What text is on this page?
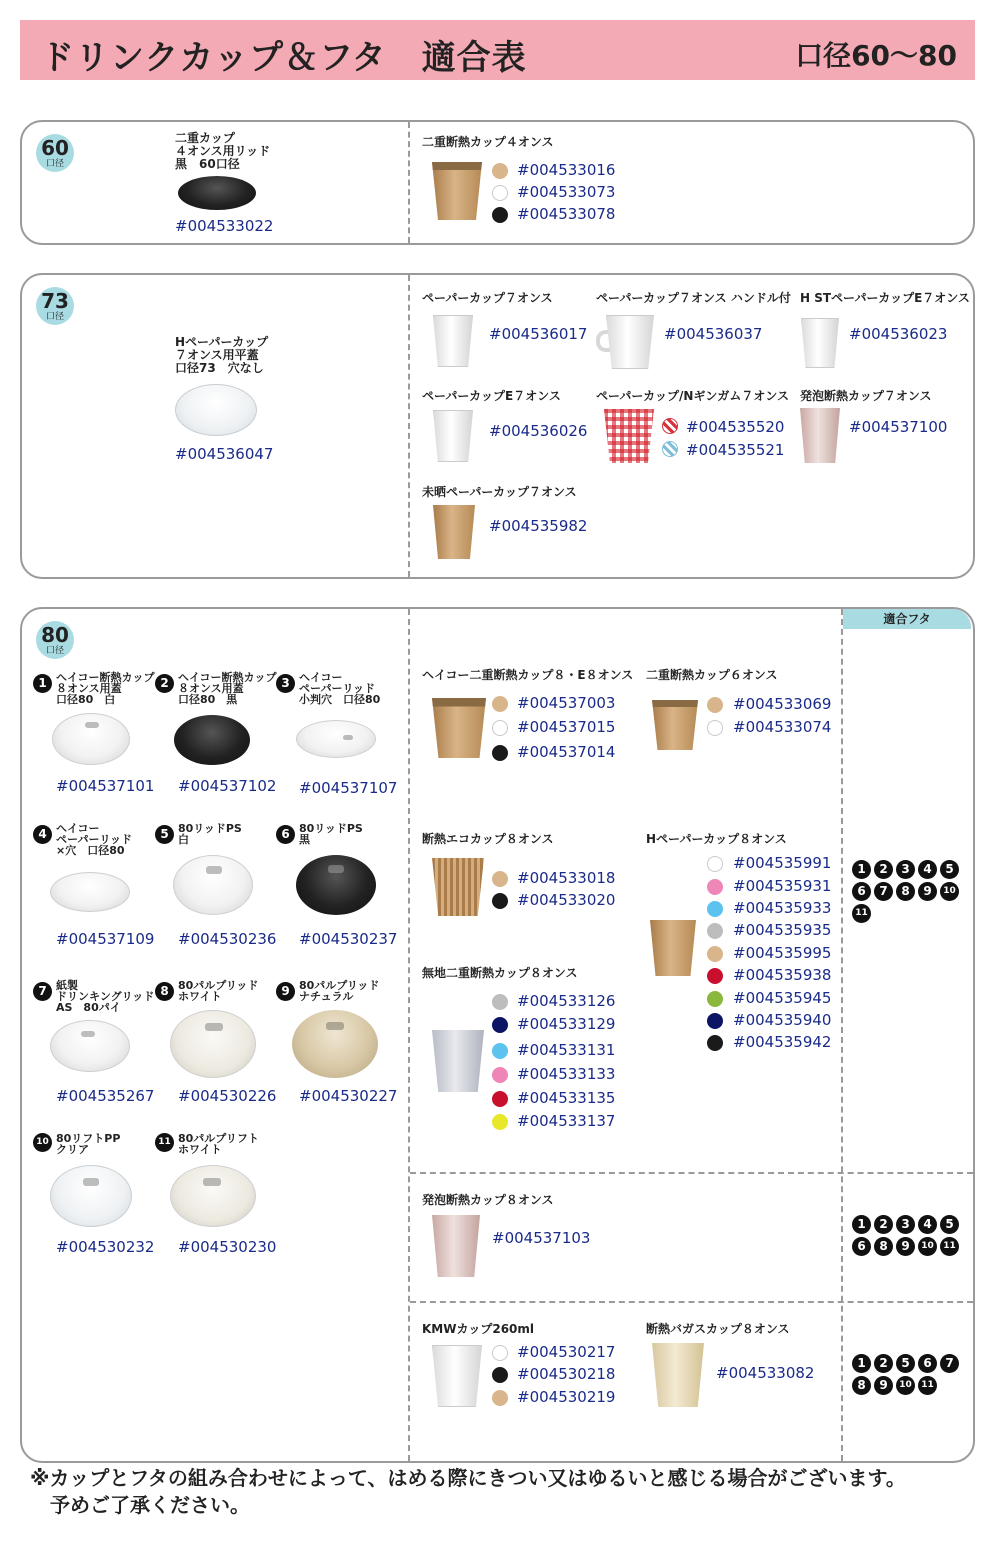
ドリンクカップ＆フタ　適合表	口径60〜80
60
口径
二重カップ
４オンス用リッド
黒　60口径
#004533022
二重断熱カップ４オンス
#004533016
#004533073
#004533078
73
口径
Hペーパーカップ
７オンス用平蓋
口径73　穴なし
#004536047
ペーパーカップ７オンス
#004536017
ペーパーカップ７オンス ハンドル付
#004536037
H STペーパーカップE７オンス
#004536023
ペーパーカップE７オンス
#004536026
ペーパーカップ/Nギンガム７オンス
#004535520
#004535521
発泡断熱カップ７オンス
#004537100
未晒ペーパーカップ７オンス
#004535982
適合フタ
80
口径
1 ヘイコー断熱カップ
８オンス用蓋
口径80　白
#004537101
2 ヘイコー断熱カップ
８オンス用蓋
口径80　黒
#004537102
3 ヘイコー
ペーパーリッド
小判穴　口径80
#004537107
4 ヘイコー
ペーパーリッド
×穴　口径80
#004537109
5 80リッドPS
白
#004530236
6 80リッドPS
黒
#004530237
7 紙製
ドリンキングリッド
AS　80パイ
#004535267
8 80パルプリッド
ホワイト
#004530226
9 80パルプリッド
ナチュラル
#004530227
10 80リフトPP
クリア
#004530232
11 80パルプリフト
ホワイト
#004530230
ヘイコー二重断熱カップ８・E８オンス
#004537003
#004537015
#004537014
二重断熱カップ６オンス
#004533069
#004533074
断熱エコカップ８オンス
#004533018
#004533020
Hペーパーカップ８オンス
#004535991
#004535931
#004535933
#004535935
#004535995
#004535938
#004535945
#004535940
#004535942
無地二重断熱カップ８オンス
#004533126
#004533129
#004533131
#004533133
#004533135
#004533137
1	2	3	4	5
6	7	8	9	10
11
発泡断熱カップ８オンス
#004537103
1	2	3	4	5
6	8	9	10	11
KMWカップ260ml
#004530217
#004530218
#004530219
断熱バガスカップ８オンス
#004533082
1	2	5	6	7
8	9	10	11
※カップとフタの組み合わせによって、はめる際にきつい又はゆるいと感じる場合がございます。
予めご了承ください。
